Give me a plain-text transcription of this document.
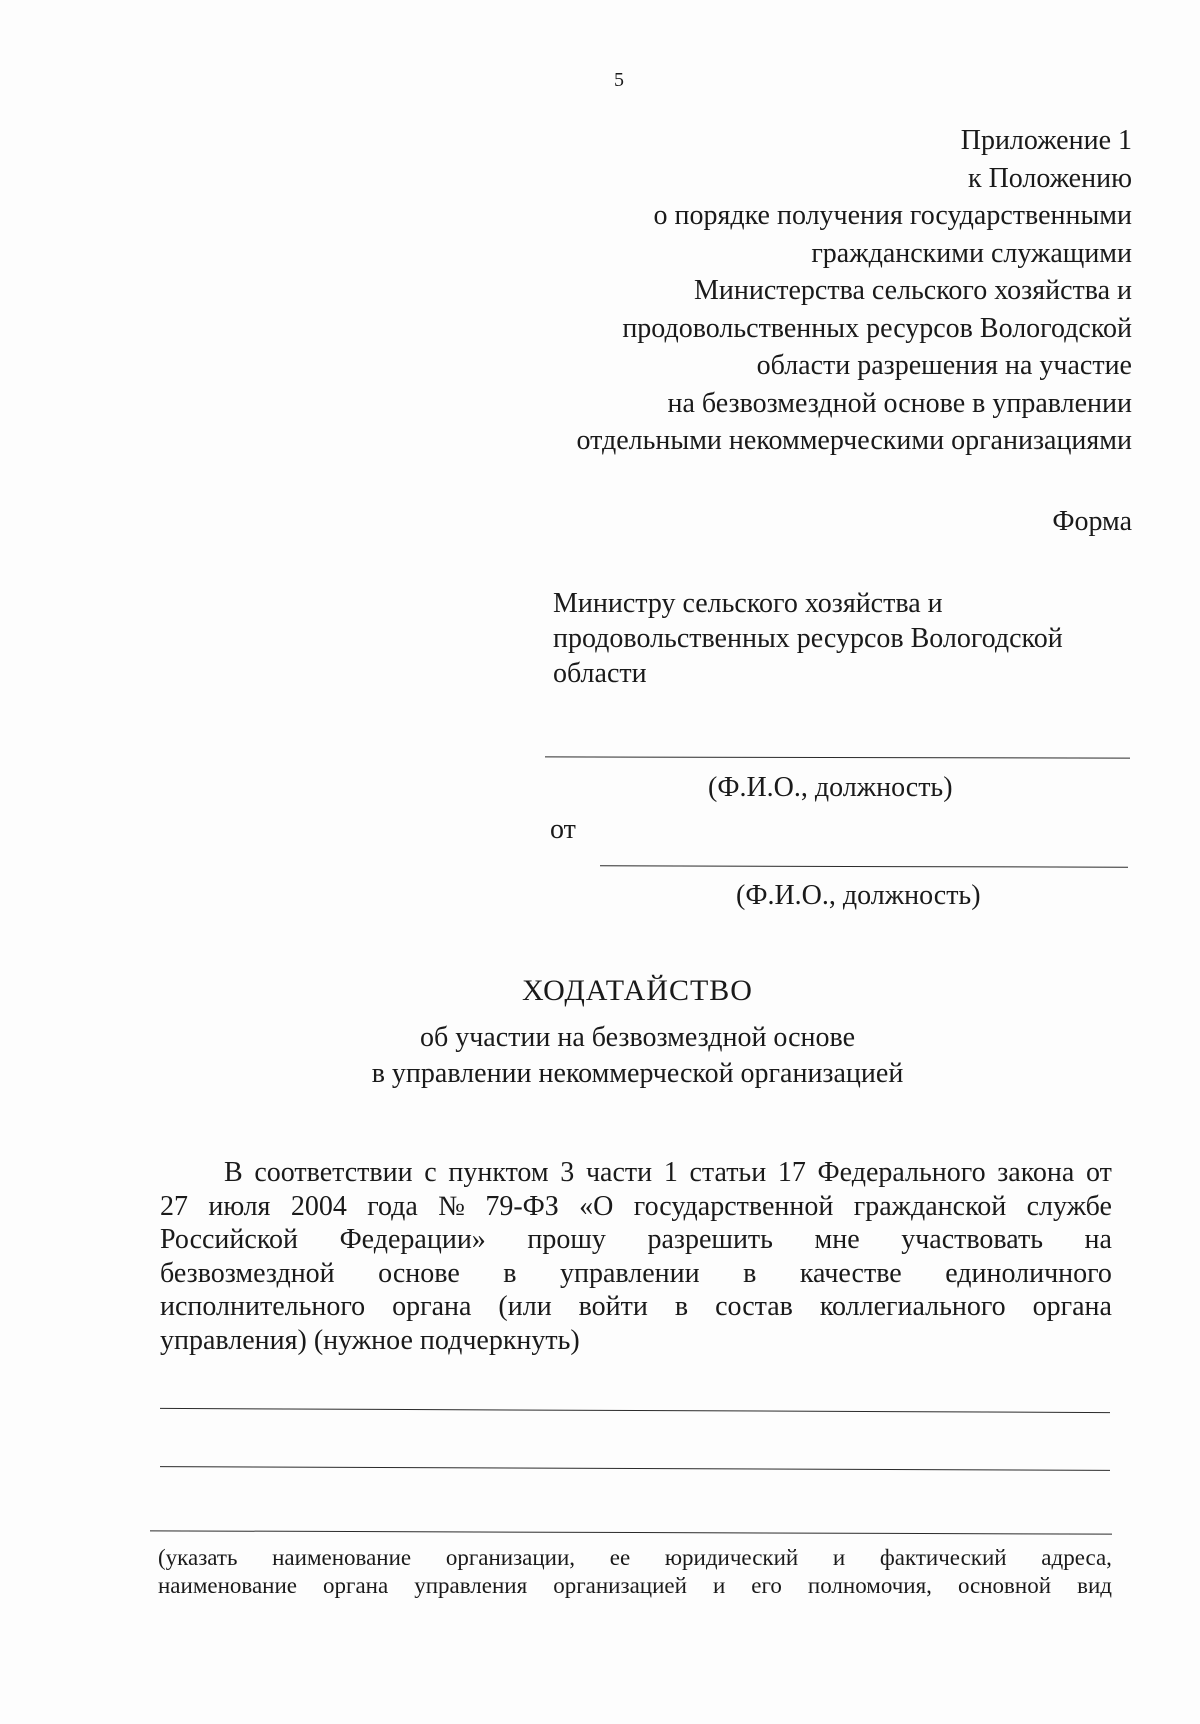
5
Приложение 1
к Положению
о порядке получения государственными
гражданскими служащими
Министерства сельского хозяйства и
продовольственных ресурсов Вологодской
области разрешения на участие
на безвозмездной основе в управлении
отдельными некоммерческими организациями
Форма
Министру сельского хозяйства и
продовольственных ресурсов Вологодской
области
(Ф.И.О., должность)
от
(Ф.И.О., должность)
ХОДАТАЙСТВО
об участии на безвозмездной основе
в управлении некоммерческой организацией
В соответствии с пунктом 3 части 1 статьи 17 Федерального закона от
27 июля 2004 года № 79-ФЗ «О государственной гражданской службе
Российской Федерации» прошу разрешить мне участвовать на
безвозмездной основе в управлении в качестве единоличного
исполнительного органа (или войти в состав коллегиального органа
управления)
(нужное
подчеркнуть)
(указать наименование организации, ее юридический и фактический адреса,
наименование органа управления организацией и его полномочия, основной вид
